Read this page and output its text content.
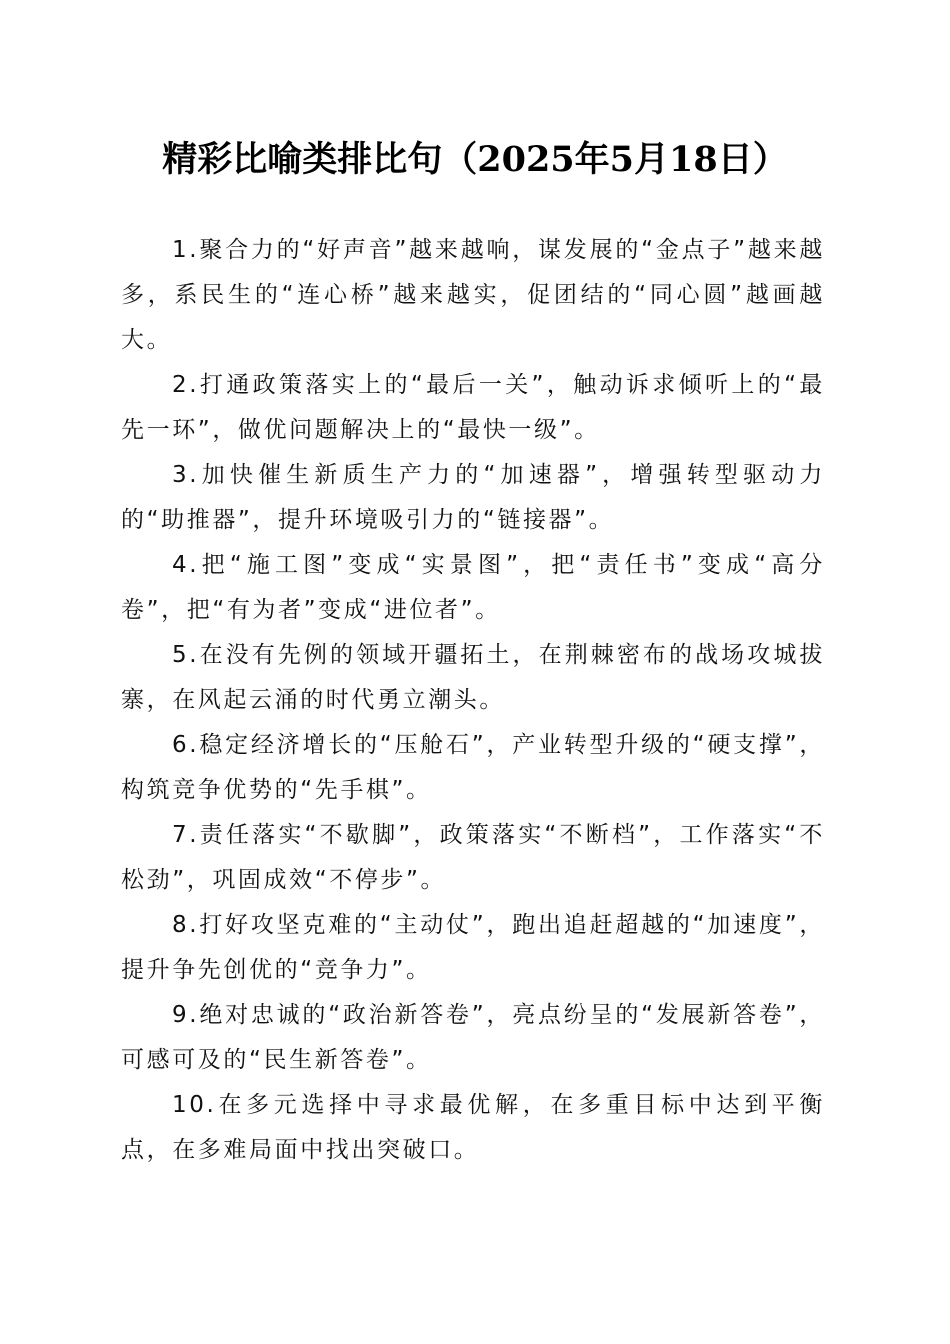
精彩比喻类排比句（2025年5月18日）

1.聚合力的“好声音”越来越响，谋发展的“金点子”越来越多，系民生的“连心桥”越来越实，促团结的“同心圆”越画越大。

2.打通政策落实上的“最后一关”，触动诉求倾听上的“最先一环”，做优问题解决上的“最快一级”。

3.加快催生新质生产力的“加速器”，增强转型驱动力的“助推器”，提升环境吸引力的“链接器”。

4.把“施工图”变成“实景图”，把“责任书”变成“高分卷”，把“有为者”变成“进位者”。

5.在没有先例的领域开疆拓土，在荆棘密布的战场攻城拔寨，在风起云涌的时代勇立潮头。

6.稳定经济增长的“压舱石”，产业转型升级的“硬支撑”，构筑竞争优势的“先手棋”。

7.责任落实“不歇脚”，政策落实“不断档”，工作落实“不松劲”，巩固成效“不停步”。

8.打好攻坚克难的“主动仗”，跑出追赶超越的“加速度”，提升争先创优的“竞争力”。

9.绝对忠诚的“政治新答卷”，亮点纷呈的“发展新答卷”，可感可及的“民生新答卷”。

10.在多元选择中寻求最优解，在多重目标中达到平衡点，在多难局面中找出突破口。
